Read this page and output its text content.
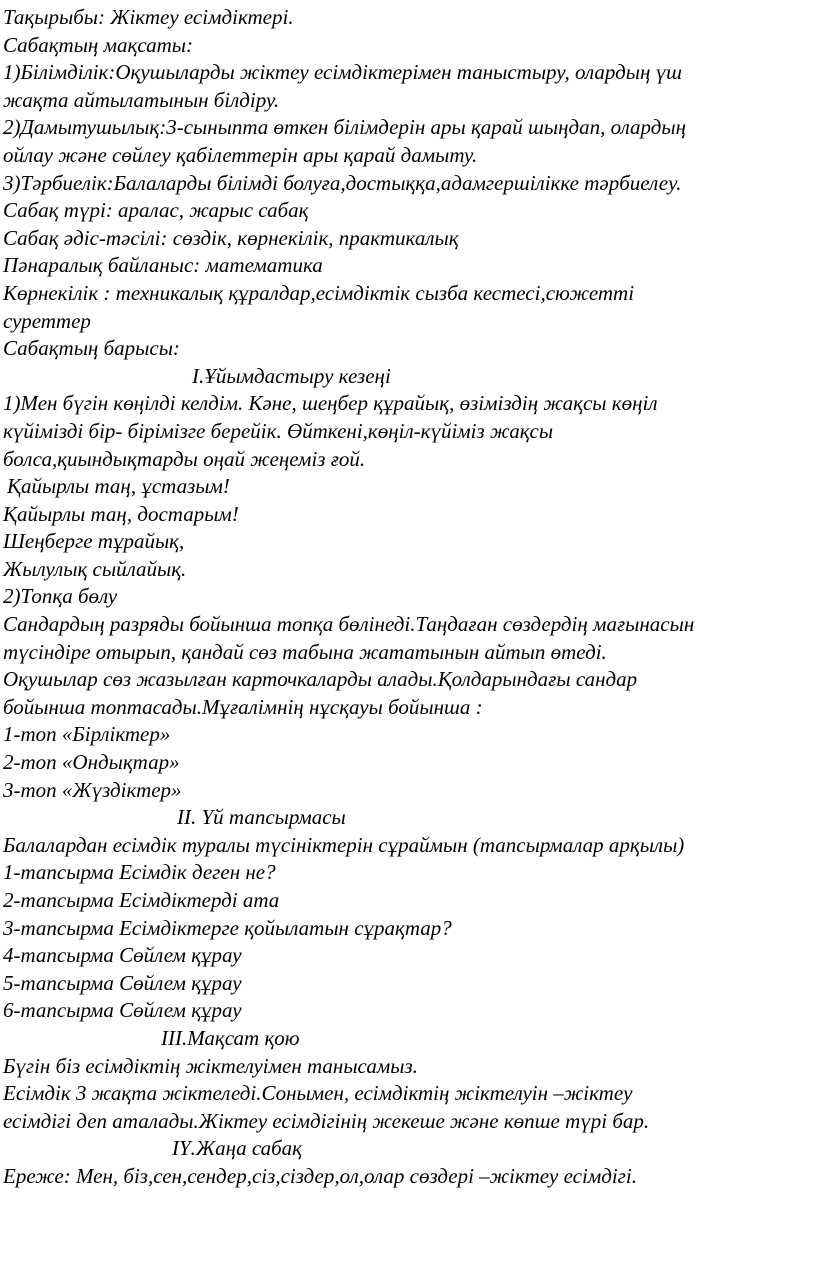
Тақырыбы: Жіктеу есімдіктері.
Сабақтың мақсаты:
1)Білімділік:Оқушыларды жіктеу есімдіктерімен таныстыру, олардың үш
жақта айтылатынын білдіру.
2)Дамытушылық:3-сыныпта өткен білімдерін ары қарай шыңдап, олардың
ойлау және сөйлеу қабілеттерін ары қарай дамыту.
3)Тәрбиелік:Балаларды білімді болуға,достыққа,адамгершілікке тәрбиелеу.
Сабақ түрі: аралас, жарыс сабақ
Сабақ әдіс-тәсілі: сөздік, көрнекілік, практикалық
Пәнаралық байланыс: математика
Көрнекілік : техникалық құралдар,есімдіктік сызба кестесі,сюжетті
суреттер
Сабақтың барысы:
І.Ұйымдастыру кезеңі
1)Мен бүгін көңілді келдім. Кәне, шеңбер құрайық, өзіміздің жақсы көңіл
күйімізді бір- бірімізге берейік. Өйткені,көңіл-күйіміз жақсы
болса,қиындықтарды оңай жеңеміз ғой.
Қайырлы таң, ұстазым!
Қайырлы таң, достарым!
Шеңберге тұрайық,
Жылулық сыйлайық.
2)Топқа бөлу
Сандардың разряды бойынша топқа бөлінеді.Таңдаған сөздердің мағынасын
түсіндіре отырып, қандай сөз табына жататынын айтып өтеді.
Оқушылар сөз жазылған карточкаларды алады.Қолдарындағы сандар
бойынша топтасады.Мұғалімнің нұсқауы бойынша :
1-топ «Бірліктер»
2-топ «Ондықтар»
3-топ «Жүздіктер»
ІІ. Үй тапсырмасы
Балалардан есімдік туралы түсініктерін сұраймын (тапсырмалар арқылы)
1-тапсырма Есімдік деген не?
2-тапсырма Есімдіктерді ата
3-тапсырма Есімдіктерге қойылатын сұрақтар?
4-тапсырма Сөйлем құрау
5-тапсырма Сөйлем құрау
6-тапсырма Сөйлем құрау
ІІІ.Мақсат қою
Бүгін біз есімдіктің жіктелуімен танысамыз.
Есімдік 3 жақта жіктеледі.Сонымен, есімдіктің жіктелуін –жіктеу
есімдігі деп аталады.Жіктеу есімдігінің жекеше және көпше түрі бар.
ІҮ.Жаңа сабақ
Ереже: Мен, біз,сен,сендер,сіз,сіздер,ол,олар сөздері –жіктеу есімдігі.
